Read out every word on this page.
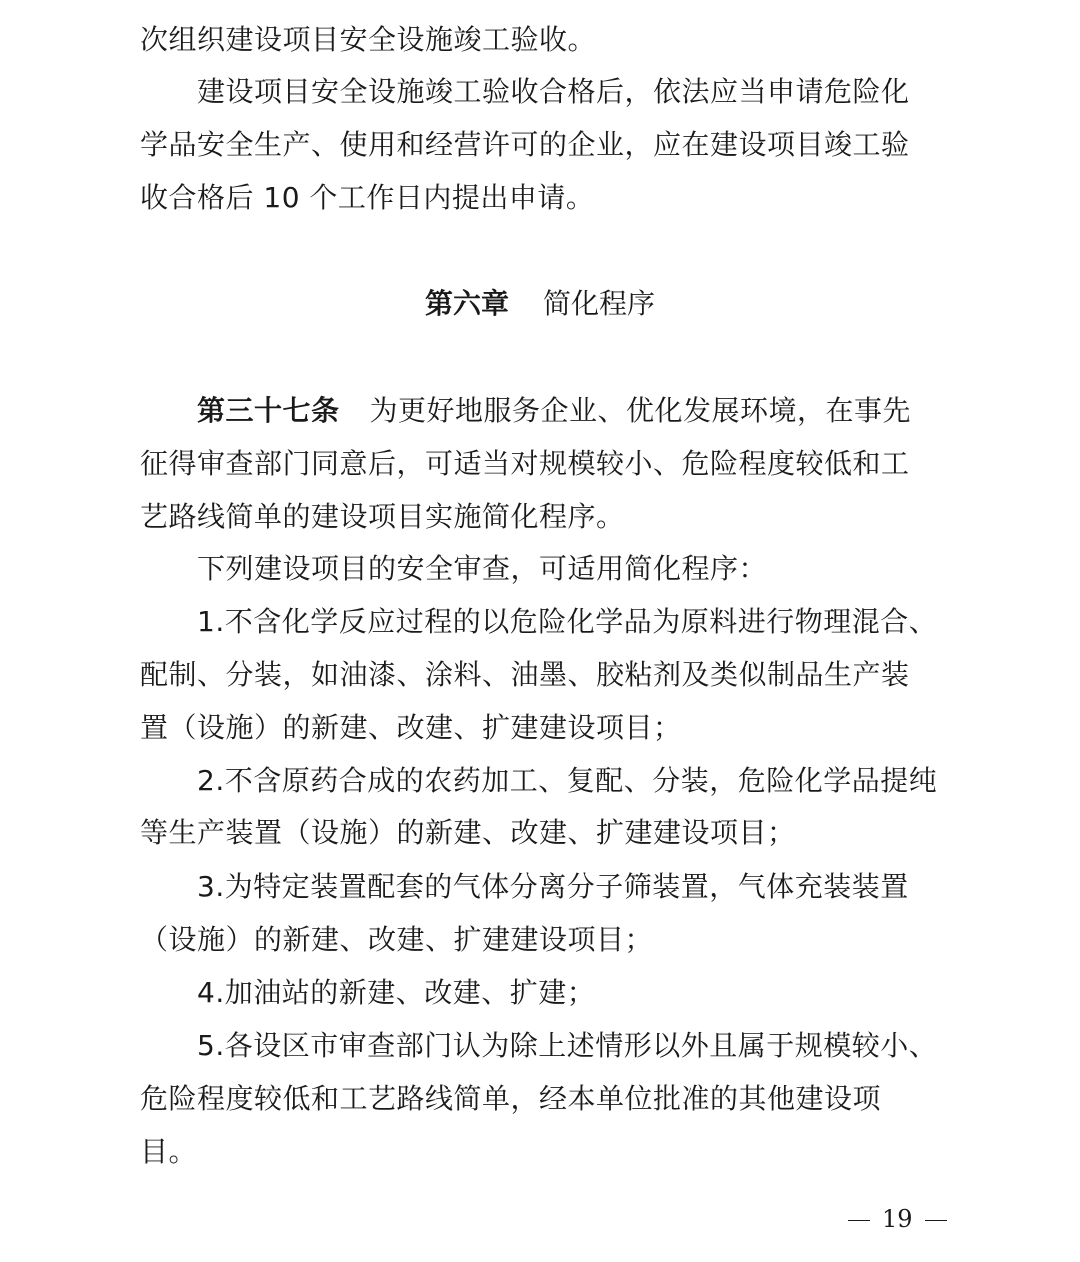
次组织建设项目安全设施竣工验收。
建设项目安全设施竣工验收合格后，依法应当申请危险化
学品安全生产、使用和经营许可的企业，应在建设项目竣工验
收合格后 10 个工作日内提出申请。
第六章 简化程序
第三十七条 为更好地服务企业、优化发展环境，在事先
征得审查部门同意后，可适当对规模较小、危险程度较低和工
艺路线简单的建设项目实施简化程序。
下列建设项目的安全审查，可适用简化程序：
1.不含化学反应过程的以危险化学品为原料进行物理混合、
配制、分装，如油漆、涂料、油墨、胶粘剂及类似制品生产装
置（设施）的新建、改建、扩建建设项目；
2.不含原药合成的农药加工、复配、分装，危险化学品提纯
等生产装置（设施）的新建、改建、扩建建设项目；
3.为特定装置配套的气体分离分子筛装置，气体充装装置
（设施）的新建、改建、扩建建设项目；
4.加油站的新建、改建、扩建；
5.各设区市审查部门认为除上述情形以外且属于规模较小、
危险程度较低和工艺路线简单，经本单位批准的其他建设项
目。
19
